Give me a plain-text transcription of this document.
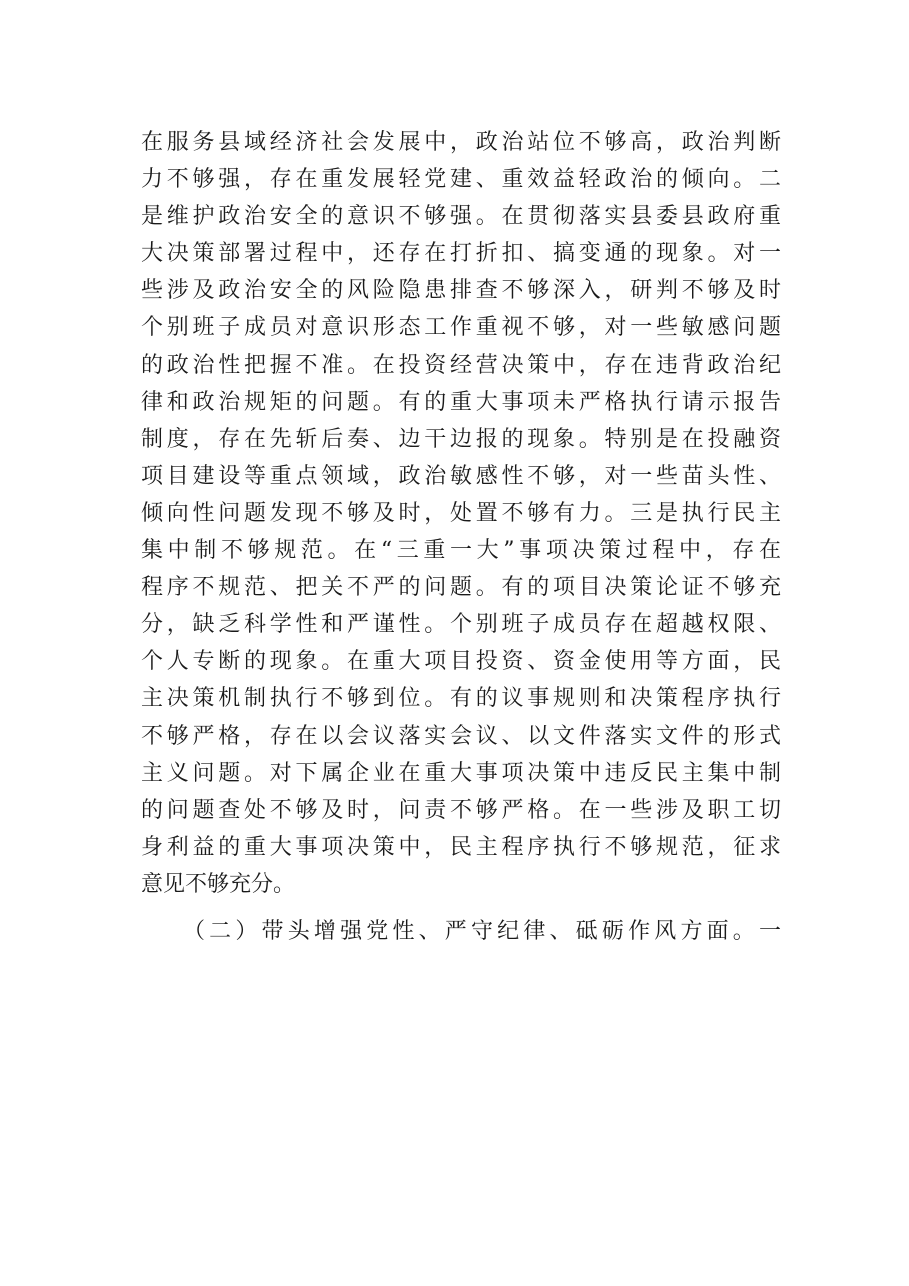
在服务县域经济社会发展中，政治站位不够高，政治判断
力不够强，存在重发展轻党建、重效益轻政治的倾向。二
是维护政治安全的意识不够强。在贯彻落实县委县政府重
大决策部署过程中，还存在打折扣、搞变通的现象。对一
些涉及政治安全的风险隐患排查不够深入，研判不够及时
个别班子成员对意识形态工作重视不够，对一些敏感问题
的政治性把握不准。在投资经营决策中，存在违背政治纪
律和政治规矩的问题。有的重大事项未严格执行请示报告
制度，存在先斩后奏、边干边报的现象。特别是在投融资
项目建设等重点领域，政治敏感性不够，对一些苗头性、
倾向性问题发现不够及时，处置不够有力。三是执行民主
集中制不够规范。在“三重一大”事项决策过程中，存在
程序不规范、把关不严的问题。有的项目决策论证不够充
分，缺乏科学性和严谨性。个别班子成员存在超越权限、
个人专断的现象。在重大项目投资、资金使用等方面，民
主决策机制执行不够到位。有的议事规则和决策程序执行
不够严格，存在以会议落实会议、以文件落实文件的形式
主义问题。对下属企业在重大事项决策中违反民主集中制
的问题查处不够及时，问责不够严格。在一些涉及职工切
身利益的重大事项决策中，民主程序执行不够规范，征求
意见不够充分。
（二）带头增强党性、严守纪律、砥砺作风方面。一
